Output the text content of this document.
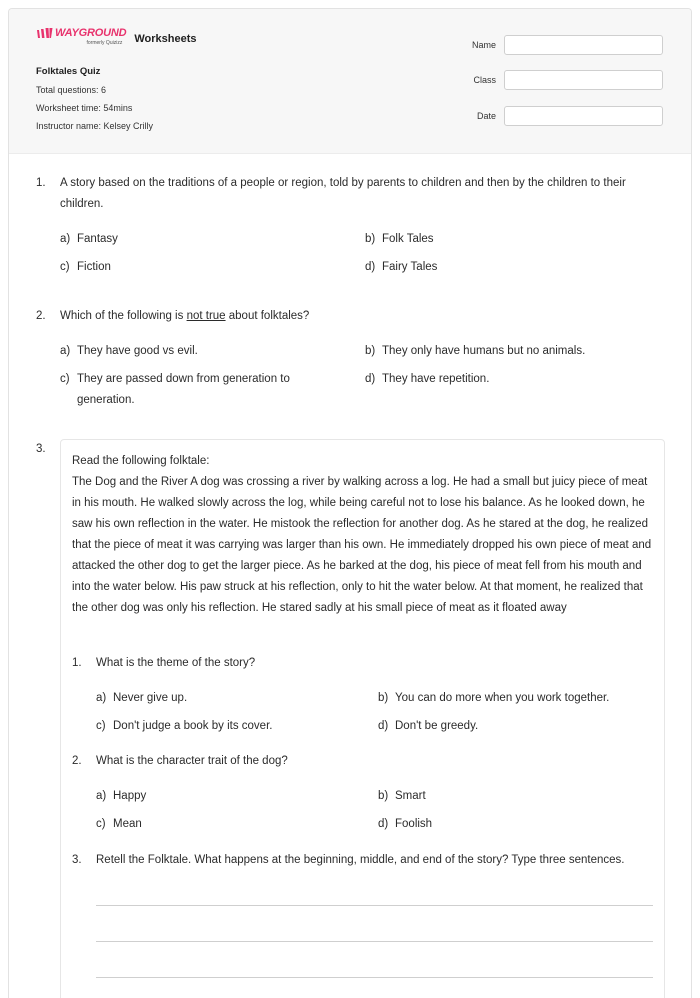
WAYGROUND
formerly Quizizz Worksheets
Folktales Quiz
Total questions: 6
Worksheet time: 54mins
Instructor name: Kelsey Crilly
Name
Class
Date
1. A story based on the traditions of a people or region, told by parents to children and then by the children to their children.
a) Fantasy	b) Folk Tales
c) Fiction	d) Fairy Tales
2. Which of the following is not true about folktales?
a) They have good vs evil.	b) They only have humans but no animals.
c) They are passed down from generation to generation.
d) They have repetition.
3.
Read the following folktale:
The Dog and the River A dog was crossing a river by walking across a log. He had a small but juicy piece of meat in his mouth. He walked slowly across the log, while being careful not to lose his balance. As he looked down, he saw his own reflection in the water. He mistook the reflection for another dog. As he stared at the dog, he realized that the piece of meat it was carrying was larger than his own. He immediately dropped his own piece of meat and attacked the other dog to get the larger piece. As he barked at the dog, his piece of meat fell from his mouth and into the water below. His paw struck at his reflection, only to hit the water below. At that moment, he realized that the other dog was only his reflection. He stared sadly at his small piece of meat as it floated away
1. What is the theme of the story?
a) Never give up.	b) You can do more when you work together.
c) Don't judge a book by its cover.	d) Don't be greedy.
2. What is the character trait of the dog?
a) Happy	b) Smart
c) Mean	d) Foolish
3. Retell the Folktale. What happens at the beginning, middle, and end of the story? Type three sentences.
